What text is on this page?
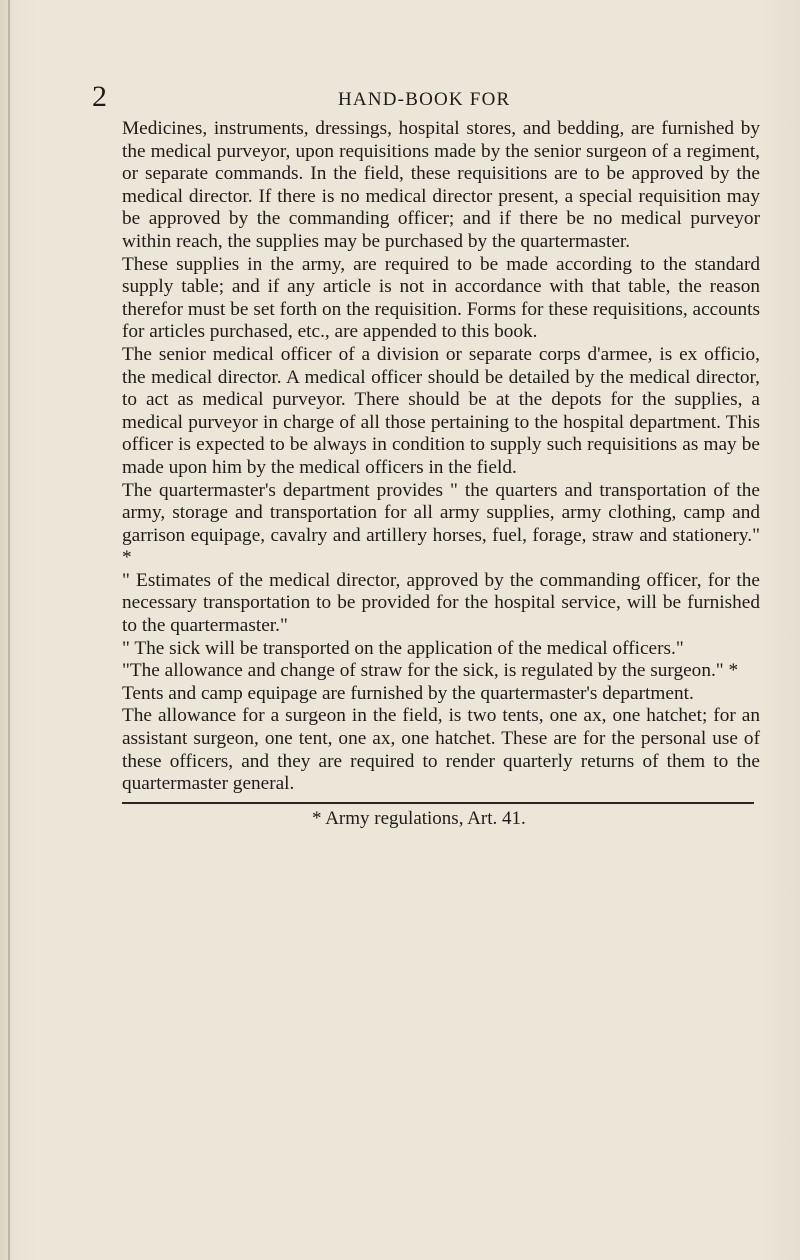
2	HAND-BOOK FOR

Medicines, instruments, dressings, hospital stores, and bedding, are furnished by the medical purveyor, upon requisitions made by the senior surgeon of a regiment, or separate commands. In the field, these requisitions are to be approved by the medical director. If there is no medical director present, a special requisition may be approved by the commanding officer; and if there be no medical purveyor within reach, the supplies may be purchased by the quartermaster.

These supplies in the army, are required to be made according to the standard supply table; and if any article is not in accordance with that table, the reason therefor must be set forth on the requisition. Forms for these requisitions, accounts for articles purchased, etc., are appended to this book.

The senior medical officer of a division or separate corps d'armee, is ex officio, the medical director. A medical officer should be detailed by the medical director, to act as medical purveyor. There should be at the depots for the supplies, a medical purveyor in charge of all those pertaining to the hospital department. This officer is expected to be always in condition to supply such requisitions as may be made upon him by the medical officers in the field.

The quartermaster's department provides " the quarters and transportation of the army, storage and transportation for all army supplies, army clothing, camp and garrison equipage, cavalry and artillery horses, fuel, forage, straw and stationery." *

" Estimates of the medical director, approved by the commanding officer, for the necessary transportation to be provided for the hospital service, will be furnished to the quartermaster."

" The sick will be transported on the application of the medical officers."

"The allowance and change of straw for the sick, is regulated by the surgeon." *

Tents and camp equipage are furnished by the quartermaster's department.

The allowance for a surgeon in the field, is two tents, one ax, one hatchet; for an assistant surgeon, one tent, one ax, one hatchet. These are for the personal use of these officers, and they are required to render quarterly returns of them to the quartermaster general.

* Army regulations, Art. 41.
